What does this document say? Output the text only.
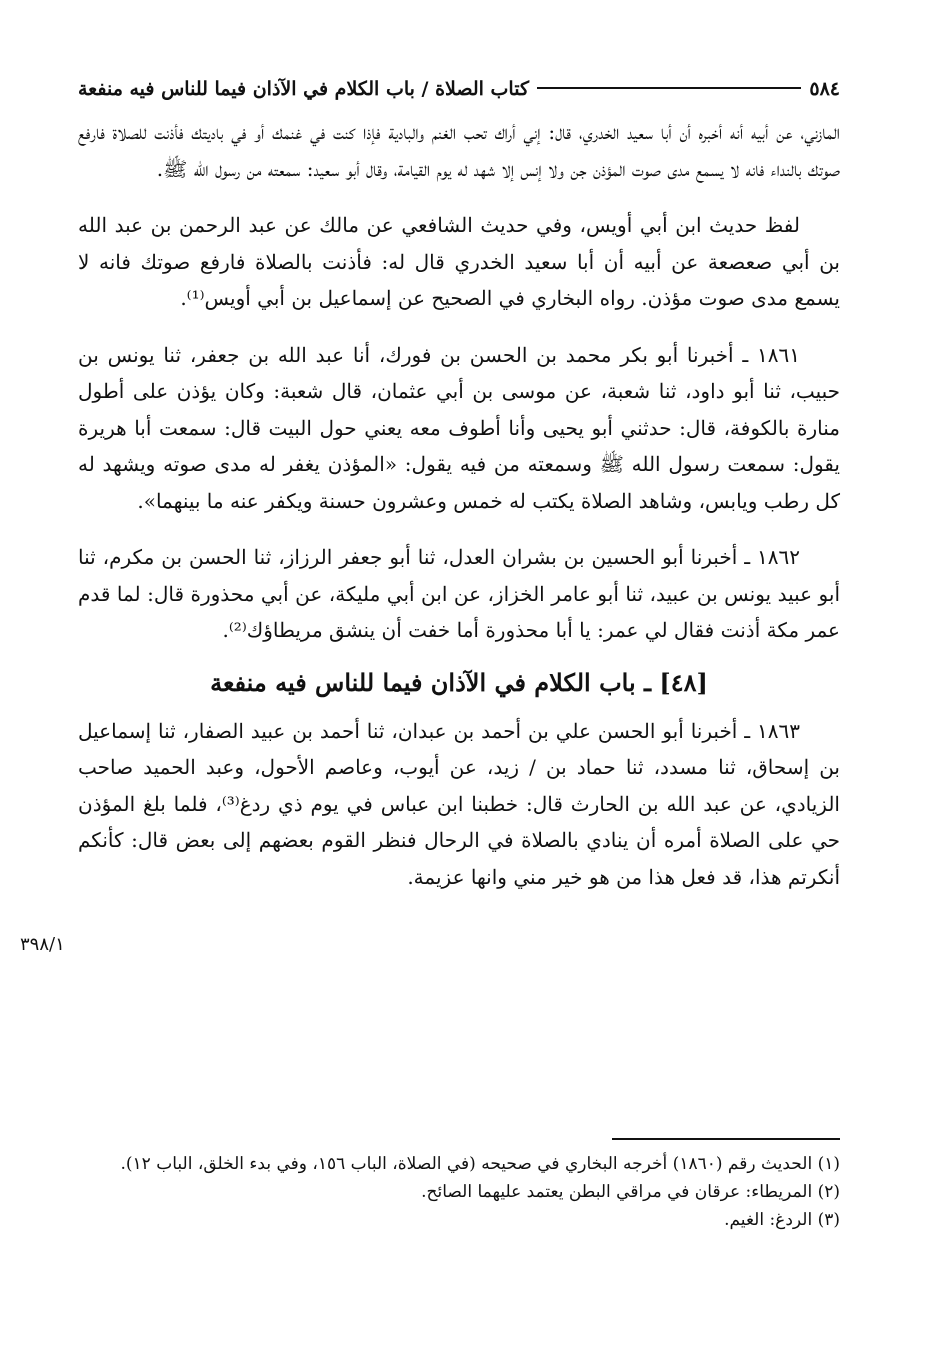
٥٨٤
كتاب الصلاة / باب الكلام في الآذان فيما للناس فيه منفعة

المازني، عن أبيه أنه أخبره أن أبا سعيد الخدري، قال: إني أراك تحب الغنم والبادية فإذا كنت في غنمك أو في باديتك فأذنت للصلاة فارفع صوتك بالنداء فانه لا يسمع مدى صوت المؤذن جن ولا إنس إلا شهد له يوم القيامة، وقال أبو سعيد: سمعته من رسول الله ﷺ.

لفظ حديث ابن أبي أويس، وفي حديث الشافعي عن مالك عن عبد الرحمن بن عبد الله بن أبي صعصعة عن أبيه أن أبا سعيد الخدري قال له: فأذنت بالصلاة فارفع صوتك فانه لا يسمع مدى صوت مؤذن. رواه البخاري في الصحيح عن إسماعيل بن أبي أويس⁽¹⁾.

١٨٦١ ـ أخبرنا أبو بكر محمد بن الحسن بن فورك، أنا عبد الله بن جعفر، ثنا يونس بن حبيب، ثنا أبو داود، ثنا شعبة، عن موسى بن أبي عثمان، قال شعبة: وكان يؤذن على أطول منارة بالكوفة، قال: حدثني أبو يحيى وأنا أطوف معه يعني حول البيت قال: سمعت أبا هريرة يقول: سمعت رسول الله ﷺ وسمعته من فيه يقول: «المؤذن يغفر له مدى صوته ويشهد له كل رطب ويابس، وشاهد الصلاة يكتب له خمس وعشرون حسنة ويكفر عنه ما بينهما».

١٨٦٢ ـ أخبرنا أبو الحسين بن بشران العدل، ثنا أبو جعفر الرزاز، ثنا الحسن بن مكرم، ثنا أبو عبيد يونس بن عبيد، ثنا أبو عامر الخزاز، عن ابن أبي مليكة، عن أبي محذورة قال: لما قدم عمر مكة أذنت فقال لي عمر: يا أبا محذورة أما خفت أن ينشق مريطاؤك⁽²⁾.

[٤٨] ـ باب الكلام في الآذان فيما للناس فيه منفعة

١٨٦٣ ـ أخبرنا أبو الحسن علي بن أحمد بن عبدان، ثنا أحمد بن عبيد الصفار، ثنا إسماعيل بن إسحاق، ثنا مسدد، ثنا حماد بن / زيد، عن أيوب، وعاصم الأحول، وعبد الحميد صاحب الزيادي، عن عبد الله بن الحارث قال: خطبنا ابن عباس في يوم ذي ردغ⁽³⁾، فلما بلغ المؤذن حي على الصلاة أمره أن ينادي بالصلاة في الرحال فنظر القوم بعضهم إلى بعض قال: كأنكم أنكرتم هذا، قد فعل هذا من هو خير مني وانها عزيمة.

٣٩٨/١

(١) الحديث رقم (١٨٦٠) أخرجه البخاري في صحيحه (في الصلاة، الباب ١٥٦، وفي بدء الخلق، الباب ١٢).

(٢) المريطاء: عرقان في مراقي البطن يعتمد عليهما الصائح.

(٣) الردغ: الغيم.
